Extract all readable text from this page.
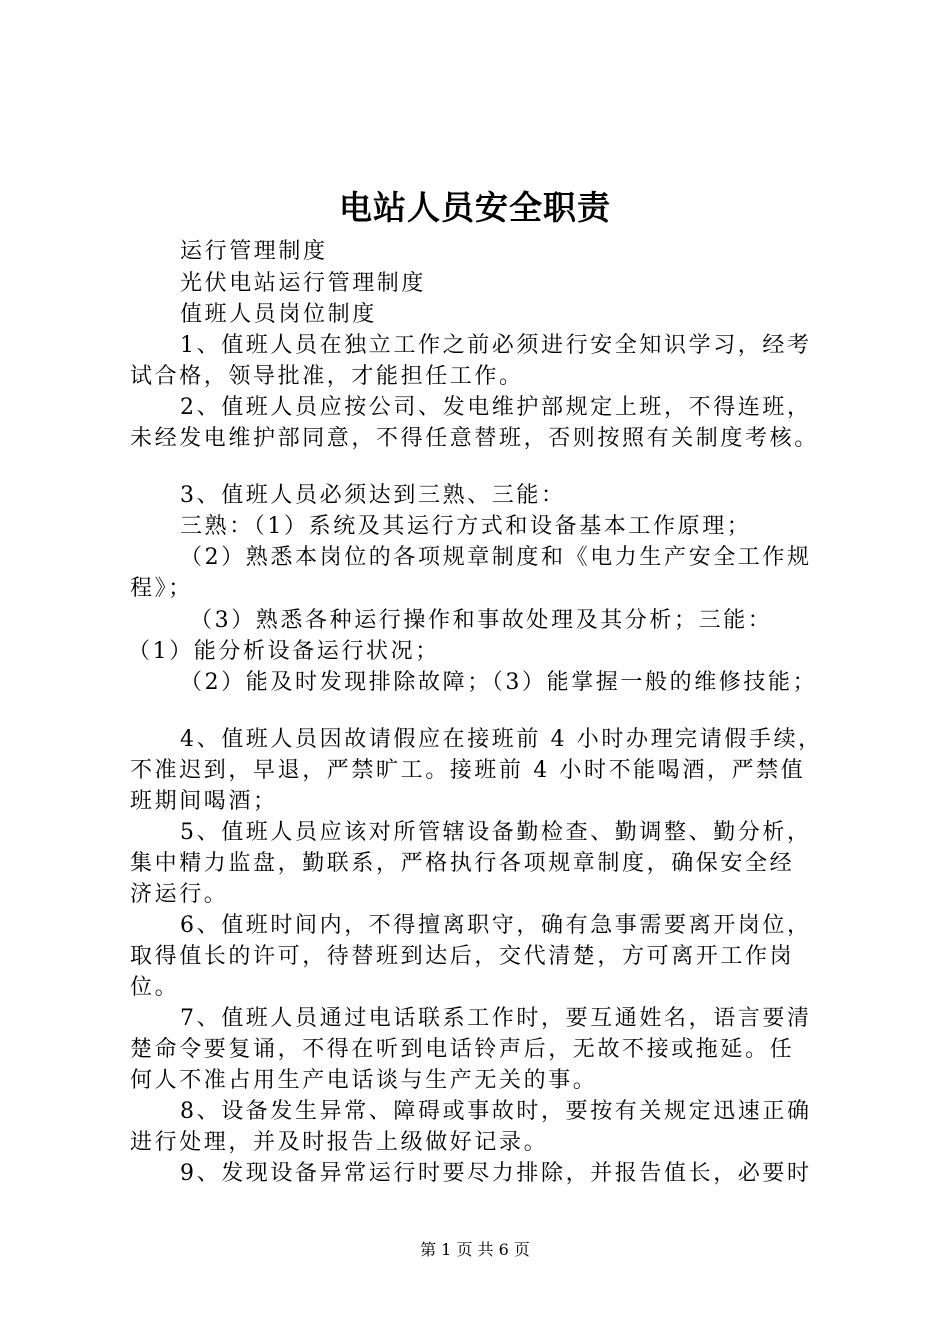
电站人员安全职责
运行管理制度
光伏电站运行管理制度
值班人员岗位制度
1、值班人员在独立工作之前必须进行安全知识学习，经考
试合格，领导批准，才能担任工作。
2、值班人员应按公司、发电维护部规定上班，不得连班，
未经发电维护部同意，不得任意替班，否则按照有关制度考核。
3、值班人员必须达到三熟、三能：
三熟：（1）系统及其运行方式和设备基本工作原理；
（2）熟悉本岗位的各项规章制度和《电力生产安全工作规
程》；
（3）熟悉各种运行操作和事故处理及其分析；三能：
（1）能分析设备运行状况；
（2）能及时发现排除故障；（3）能掌握一般的维修技能；
4、值班人员因故请假应在接班前 4 小时办理完请假手续，
不准迟到，早退，严禁旷工。接班前 4 小时不能喝酒，严禁值
班期间喝酒；
5、值班人员应该对所管辖设备勤检查、勤调整、勤分析，
集中精力监盘，勤联系，严格执行各项规章制度，确保安全经
济运行。
6、值班时间内，不得擅离职守，确有急事需要离开岗位，
取得值长的许可，待替班到达后，交代清楚，方可离开工作岗
位。
7、值班人员通过电话联系工作时，要互通姓名，语言要清
楚命令要复诵，不得在听到电话铃声后，无故不接或拖延。任
何人不准占用生产电话谈与生产无关的事。
8、设备发生异常、障碍或事故时，要按有关规定迅速正确
进行处理，并及时报告上级做好记录。
9、发现设备异常运行时要尽力排除，并报告值长，必要时
第 1 页 共 6 页
